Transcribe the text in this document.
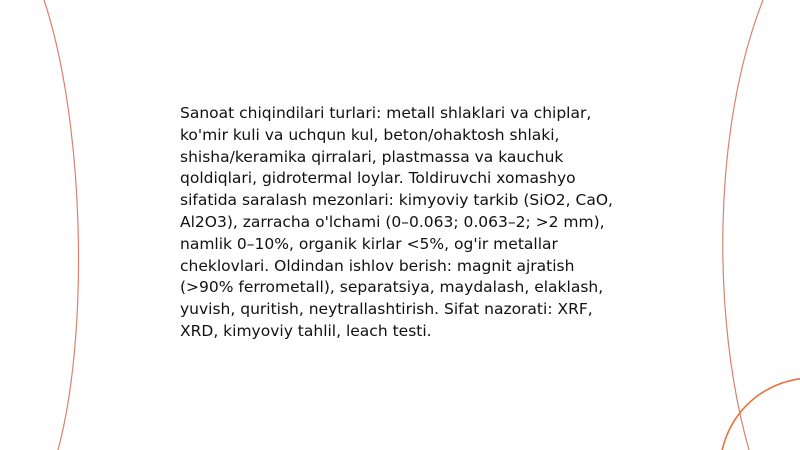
Sanoat chiqindilari turlari: metall shlaklari va chiplar, ko'mir kuli va uchqun kul, beton/ohaktosh shlaki, shisha/keramika qirralari, plastmassa va kauchuk qoldiqlari, gidrotermal loylar. Toldiruvchi xomashyo sifatida saralash mezonlari: kimyoviy tarkib (SiO2, CaO, Al2O3), zarracha o'lchami (0–0.063; 0.063–2; >2 mm), namlik 0–10%, organik kirlar <5%, og'ir metallar cheklovlari. Oldindan ishlov berish: magnit ajratish (>90% ferrometall), separatsiya, maydalash, elaklash, yuvish, quritish, neytrallashtirish. Sifat nazorati: XRF, XRD, kimyoviy tahlil, leach testi.
